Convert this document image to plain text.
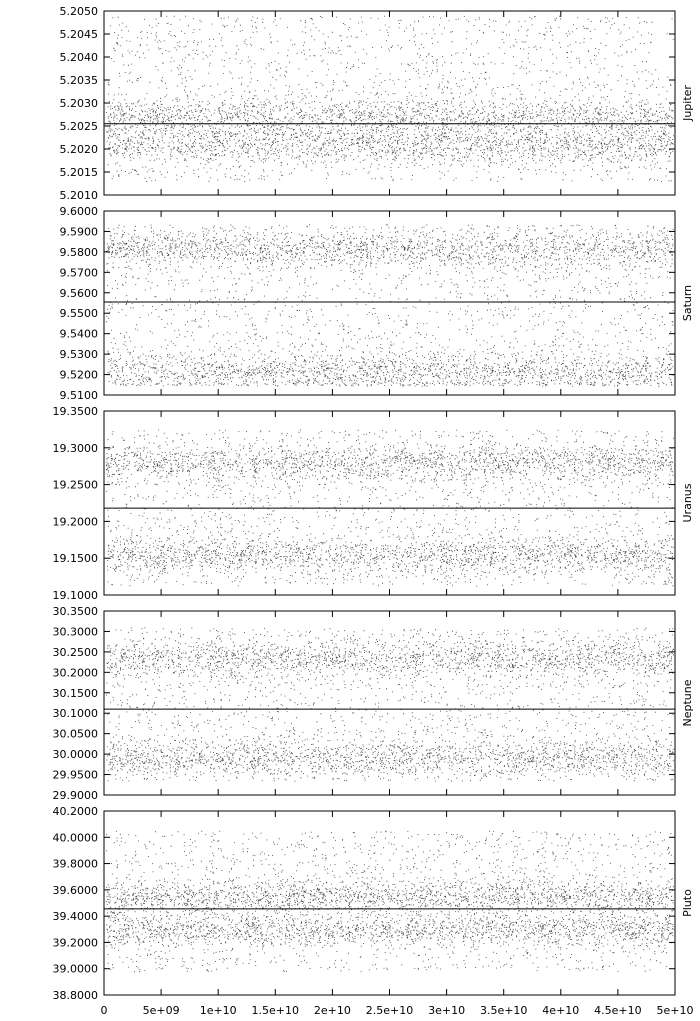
5.2010
5.2015
5.2020
5.2025
5.2030
5.2035
5.2040
5.2045
5.2050
Jupiter
9.5100
9.5200
9.5300
9.5400
9.5500
9.5600
9.5700
9.5800
9.5900
9.6000
Saturn
19.1000
19.1500
19.2000
19.2500
19.3000
19.3500
Uranus
29.9000
29.9500
30.0000
30.0500
30.1000
30.1500
30.2000
30.2500
30.3000
30.3500
Neptune
38.8000
39.0000
39.2000
39.4000
39.6000
39.8000
40.0000
40.2000
Pluto
0	5e+09 1e+10 1.5e+10 2e+10 2.5e+10 3e+10 3.5e+10 4e+10 4.5e+10 5e+10
